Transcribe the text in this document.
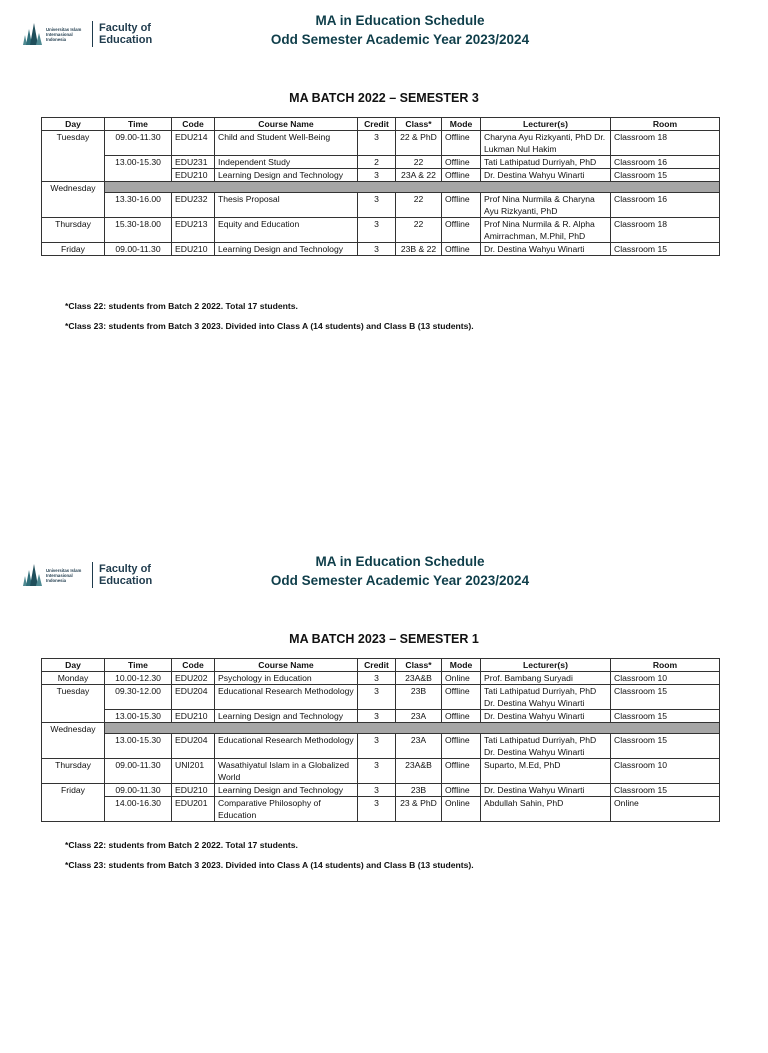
Universitas Islam Internasional Indonesia
Faculty of
Education
MA in Education Schedule
Odd Semester Academic Year 2023/2024
MA BATCH 2022 – SEMESTER 3
Day	Time	Code	Course Name	Credit	Class*	Mode	Lecturer(s)	Room
Tuesday	09.00-11.30	EDU214	Child and Student Well-Being	3	22 & PhD	Offline	Charyna Ayu Rizkyanti, PhD Dr. Lukman Nul Hakim	Classroom 18
	13.00-15.30	EDU231	Independent Study	2	22	Offline	Tati Lathipatud Durriyah, PhD	Classroom 16
		EDU210	Learning Design and Technology	3	23A & 22	Offline	Dr. Destina Wahyu Winarti	Classroom 15
Wednesday								
	13.30-16.00	EDU232	Thesis Proposal	3	22	Offline	Prof Nina Nurmila & Charyna Ayu Rizkyanti, PhD	Classroom 16
Thursday	15.30-18.00	EDU213	Equity and Education	3	22	Offline	Prof Nina Nurmila & R. Alpha Amirrachman, M.Phil, PhD	Classroom 18
Friday	09.00-11.30	EDU210	Learning Design and Technology	3	23B & 22	Offline	Dr. Destina Wahyu Winarti	Classroom 15
*Class 22: students from Batch 2 2022. Total 17 students.
*Class 23: students from Batch 3 2023. Divided into Class A (14 students) and Class B (13 students).
Universitas Islam Internasional Indonesia
Faculty of
Education
MA in Education Schedule
Odd Semester Academic Year 2023/2024
MA BATCH 2023 – SEMESTER 1
Day	Time	Code	Course Name	Credit	Class*	Mode	Lecturer(s)	Room
Monday	10.00-12.30	EDU202	Psychology in Education	3	23A&B	Online	Prof. Bambang Suryadi	Classroom 10
Tuesday	09.30-12.00	EDU204	Educational Research Methodology	3	23B	Offline	Tati Lathipatud Durriyah, PhD Dr. Destina Wahyu Winarti	Classroom 15
	13.00-15.30	EDU210	Learning Design and Technology	3	23A	Offline	Dr. Destina Wahyu Winarti	Classroom 15
Wednesday								
	13.00-15.30	EDU204	Educational Research Methodology	3	23A	Offline	Tati Lathipatud Durriyah, PhD Dr. Destina Wahyu Winarti	Classroom 15
Thursday	09.00-11.30	UNI201	Wasathiyatul Islam in a Globalized World	3	23A&B	Offline	Suparto, M.Ed, PhD	Classroom 10
Friday	09.00-11.30	EDU210	Learning Design and Technology	3	23B	Offline	Dr. Destina Wahyu Winarti	Classroom 15
	14.00-16.30	EDU201	Comparative Philosophy of Education	3	23 & PhD	Online	Abdullah Sahin, PhD	Online
*Class 22: students from Batch 2 2022. Total 17 students.
*Class 23: students from Batch 3 2023. Divided into Class A (14 students) and Class B (13 students).
